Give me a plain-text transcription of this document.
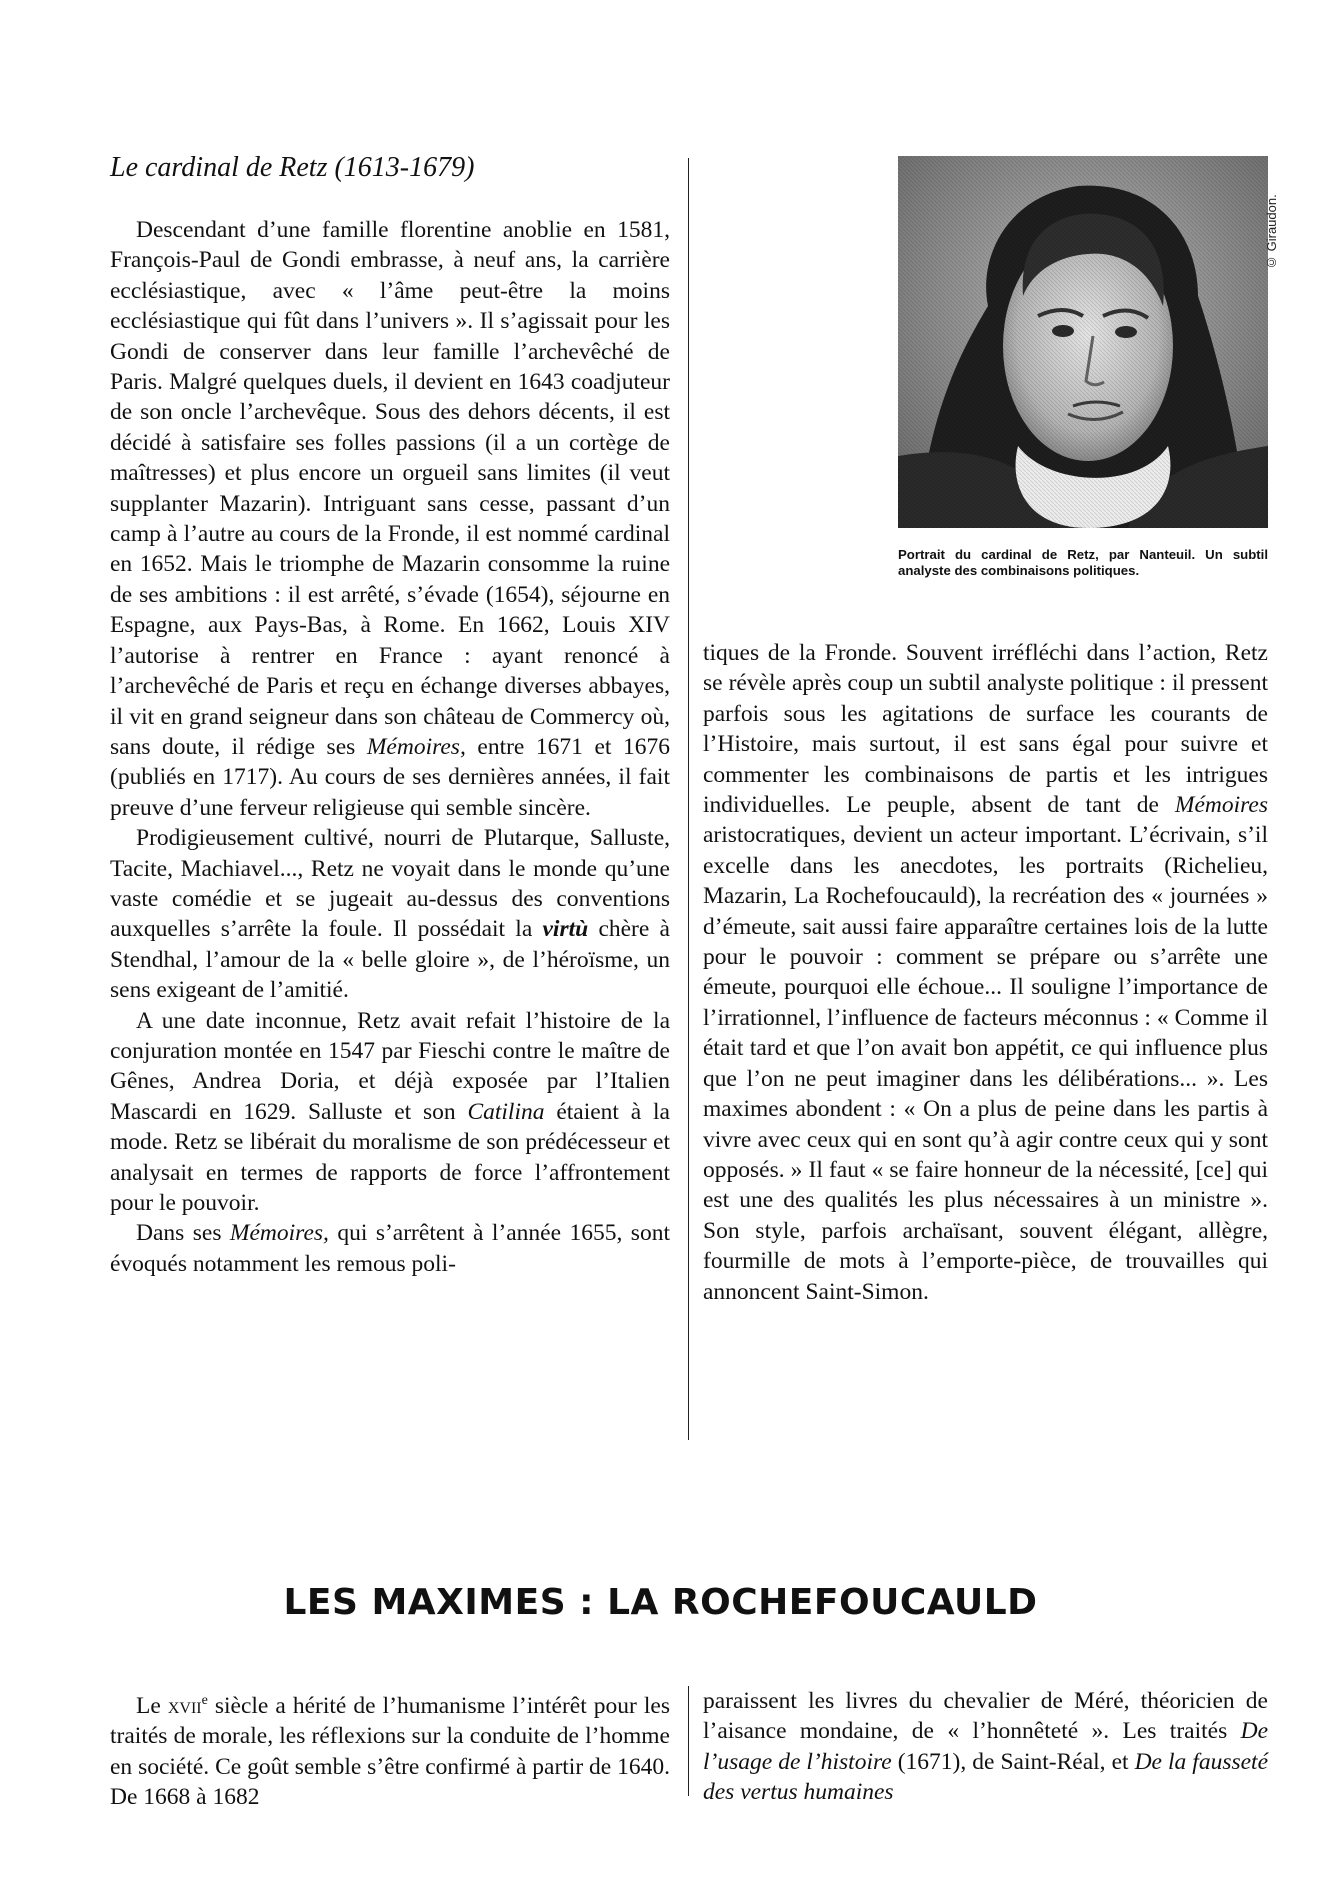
Le cardinal de Retz (1613-1679)

Descendant d’une famille florentine anoblie en 1581, François-Paul de Gondi embrasse, à neuf ans, la carrière ecclésiastique, avec « l’âme peut-être la moins ecclésiastique qui fût dans l’univers ». Il s’agissait pour les Gondi de conserver dans leur famille l’archevêché de Paris. Malgré quelques duels, il devient en 1643 coadjuteur de son oncle l’archevêque. Sous des dehors décents, il est décidé à satisfaire ses folles passions (il a un cortège de maîtresses) et plus encore un orgueil sans limites (il veut supplanter Mazarin). Intriguant sans cesse, passant d’un camp à l’autre au cours de la Fronde, il est nommé cardinal en 1652. Mais le triomphe de Mazarin consomme la ruine de ses ambitions : il est arrêté, s’évade (1654), séjourne en Espagne, aux Pays-Bas, à Rome. En 1662, Louis XIV l’autorise à rentrer en France : ayant renoncé à l’archevêché de Paris et reçu en échange diverses abbayes, il vit en grand seigneur dans son château de Commercy où, sans doute, il rédige ses Mémoires, entre 1671 et 1676 (publiés en 1717). Au cours de ses dernières années, il fait preuve d’une ferveur religieuse qui semble sincère.

Prodigieusement cultivé, nourri de Plutarque, Salluste, Tacite, Machiavel..., Retz ne voyait dans le monde qu’une vaste comédie et se jugeait au-dessus des conventions auxquelles s’arrête la foule. Il possédait la virtù chère à Stendhal, l’amour de la « belle gloire », de l’héroïsme, un sens exigeant de l’amitié.

A une date inconnue, Retz avait refait l’histoire de la conjuration montée en 1547 par Fieschi contre le maître de Gênes, Andrea Doria, et déjà exposée par l’Italien Mascardi en 1629. Salluste et son Catilina étaient à la mode. Retz se libérait du moralisme de son prédécesseur et analysait en termes de rapports de force l’affrontement pour le pouvoir.

Dans ses Mémoires, qui s’arrêtent à l’année 1655, sont évoqués notamment les remous poli-

© Giraudon.

Portrait du cardinal de Retz, par Nanteuil. Un subtil analyste des combinaisons politiques.

tiques de la Fronde. Souvent irréfléchi dans l’action, Retz se révèle après coup un subtil analyste politique : il pressent parfois sous les agitations de surface les courants de l’Histoire, mais surtout, il est sans égal pour suivre et commenter les combinaisons de partis et les intrigues individuelles. Le peuple, absent de tant de Mémoires aristocratiques, devient un acteur important. L’écrivain, s’il excelle dans les anecdotes, les portraits (Richelieu, Mazarin, La Rochefoucauld), la recréation des « journées » d’émeute, sait aussi faire apparaître certaines lois de la lutte pour le pouvoir : comment se prépare ou s’arrête une émeute, pourquoi elle échoue... Il souligne l’importance de l’irrationnel, l’influence de facteurs méconnus : « Comme il était tard et que l’on avait bon appétit, ce qui influence plus que l’on ne peut imaginer dans les délibérations... ». Les maximes abondent : « On a plus de peine dans les partis à vivre avec ceux qui en sont qu’à agir contre ceux qui y sont opposés. » Il faut « se faire honneur de la nécessité, [ce] qui est une des qualités les plus nécessaires à un ministre ». Son style, parfois archaïsant, souvent élégant, allègre, fourmille de mots à l’emporte-pièce, de trouvailles qui annoncent Saint-Simon.

LES MAXIMES : LA ROCHEFOUCAULD

Le xvii$^e$ siècle a hérité de l’humanisme l’intérêt pour les traités de morale, les réflexions sur la conduite de l’homme en société. Ce goût semble s’être confirmé à partir de 1640. De 1668 à 1682

paraissent les livres du chevalier de Méré, théoricien de l’aisance mondaine, de « l’honnêteté ». Les traités De l’usage de l’histoire (1671), de Saint-Réal, et De la fausseté des vertus humaines
